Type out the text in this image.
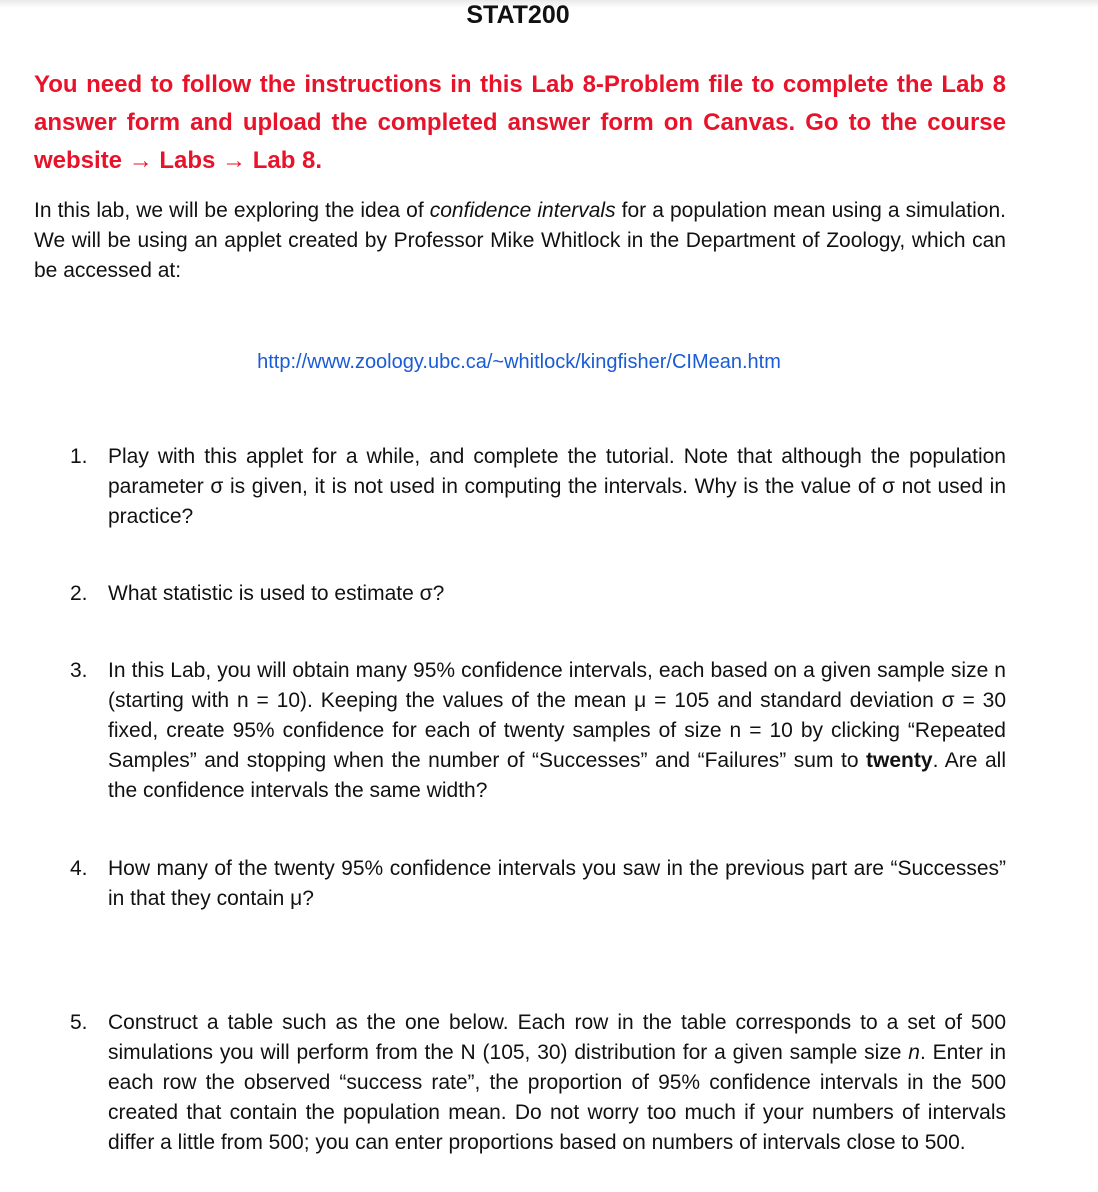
STAT200
You need to follow the instructions in this Lab 8-Problem file to complete the Lab 8 answer form and upload the completed answer form on Canvas. Go to the course website → Labs → Lab 8.
In this lab, we will be exploring the idea of confidence intervals for a population mean using a simulation. We will be using an applet created by Professor Mike Whitlock in the Department of Zoology, which can be accessed at:
http://www.zoology.ubc.ca/~whitlock/kingfisher/CIMean.htm
1. Play with this applet for a while, and complete the tutorial. Note that although the population parameter σ is given, it is not used in computing the intervals. Why is the value of σ not used in practice?
2. What statistic is used to estimate σ?
3. In this Lab, you will obtain many 95% confidence intervals, each based on a given sample size n (starting with n = 10). Keeping the values of the mean μ = 105 and standard deviation σ = 30 fixed, create 95% confidence for each of twenty samples of size n = 10 by clicking “Repeated Samples” and stopping when the number of “Successes” and “Failures” sum to twenty. Are all the confidence intervals the same width?
4. How many of the twenty 95% confidence intervals you saw in the previous part are “Successes” in that they contain μ?
5. Construct a table such as the one below. Each row in the table corresponds to a set of 500 simulations you will perform from the N (105, 30) distribution for a given sample size n. Enter in each row the observed “success rate”, the proportion of 95% confidence intervals in the 500 created that contain the population mean. Do not worry too much if your numbers of intervals differ a little from 500; you can enter proportions based on numbers of intervals close to 500.
